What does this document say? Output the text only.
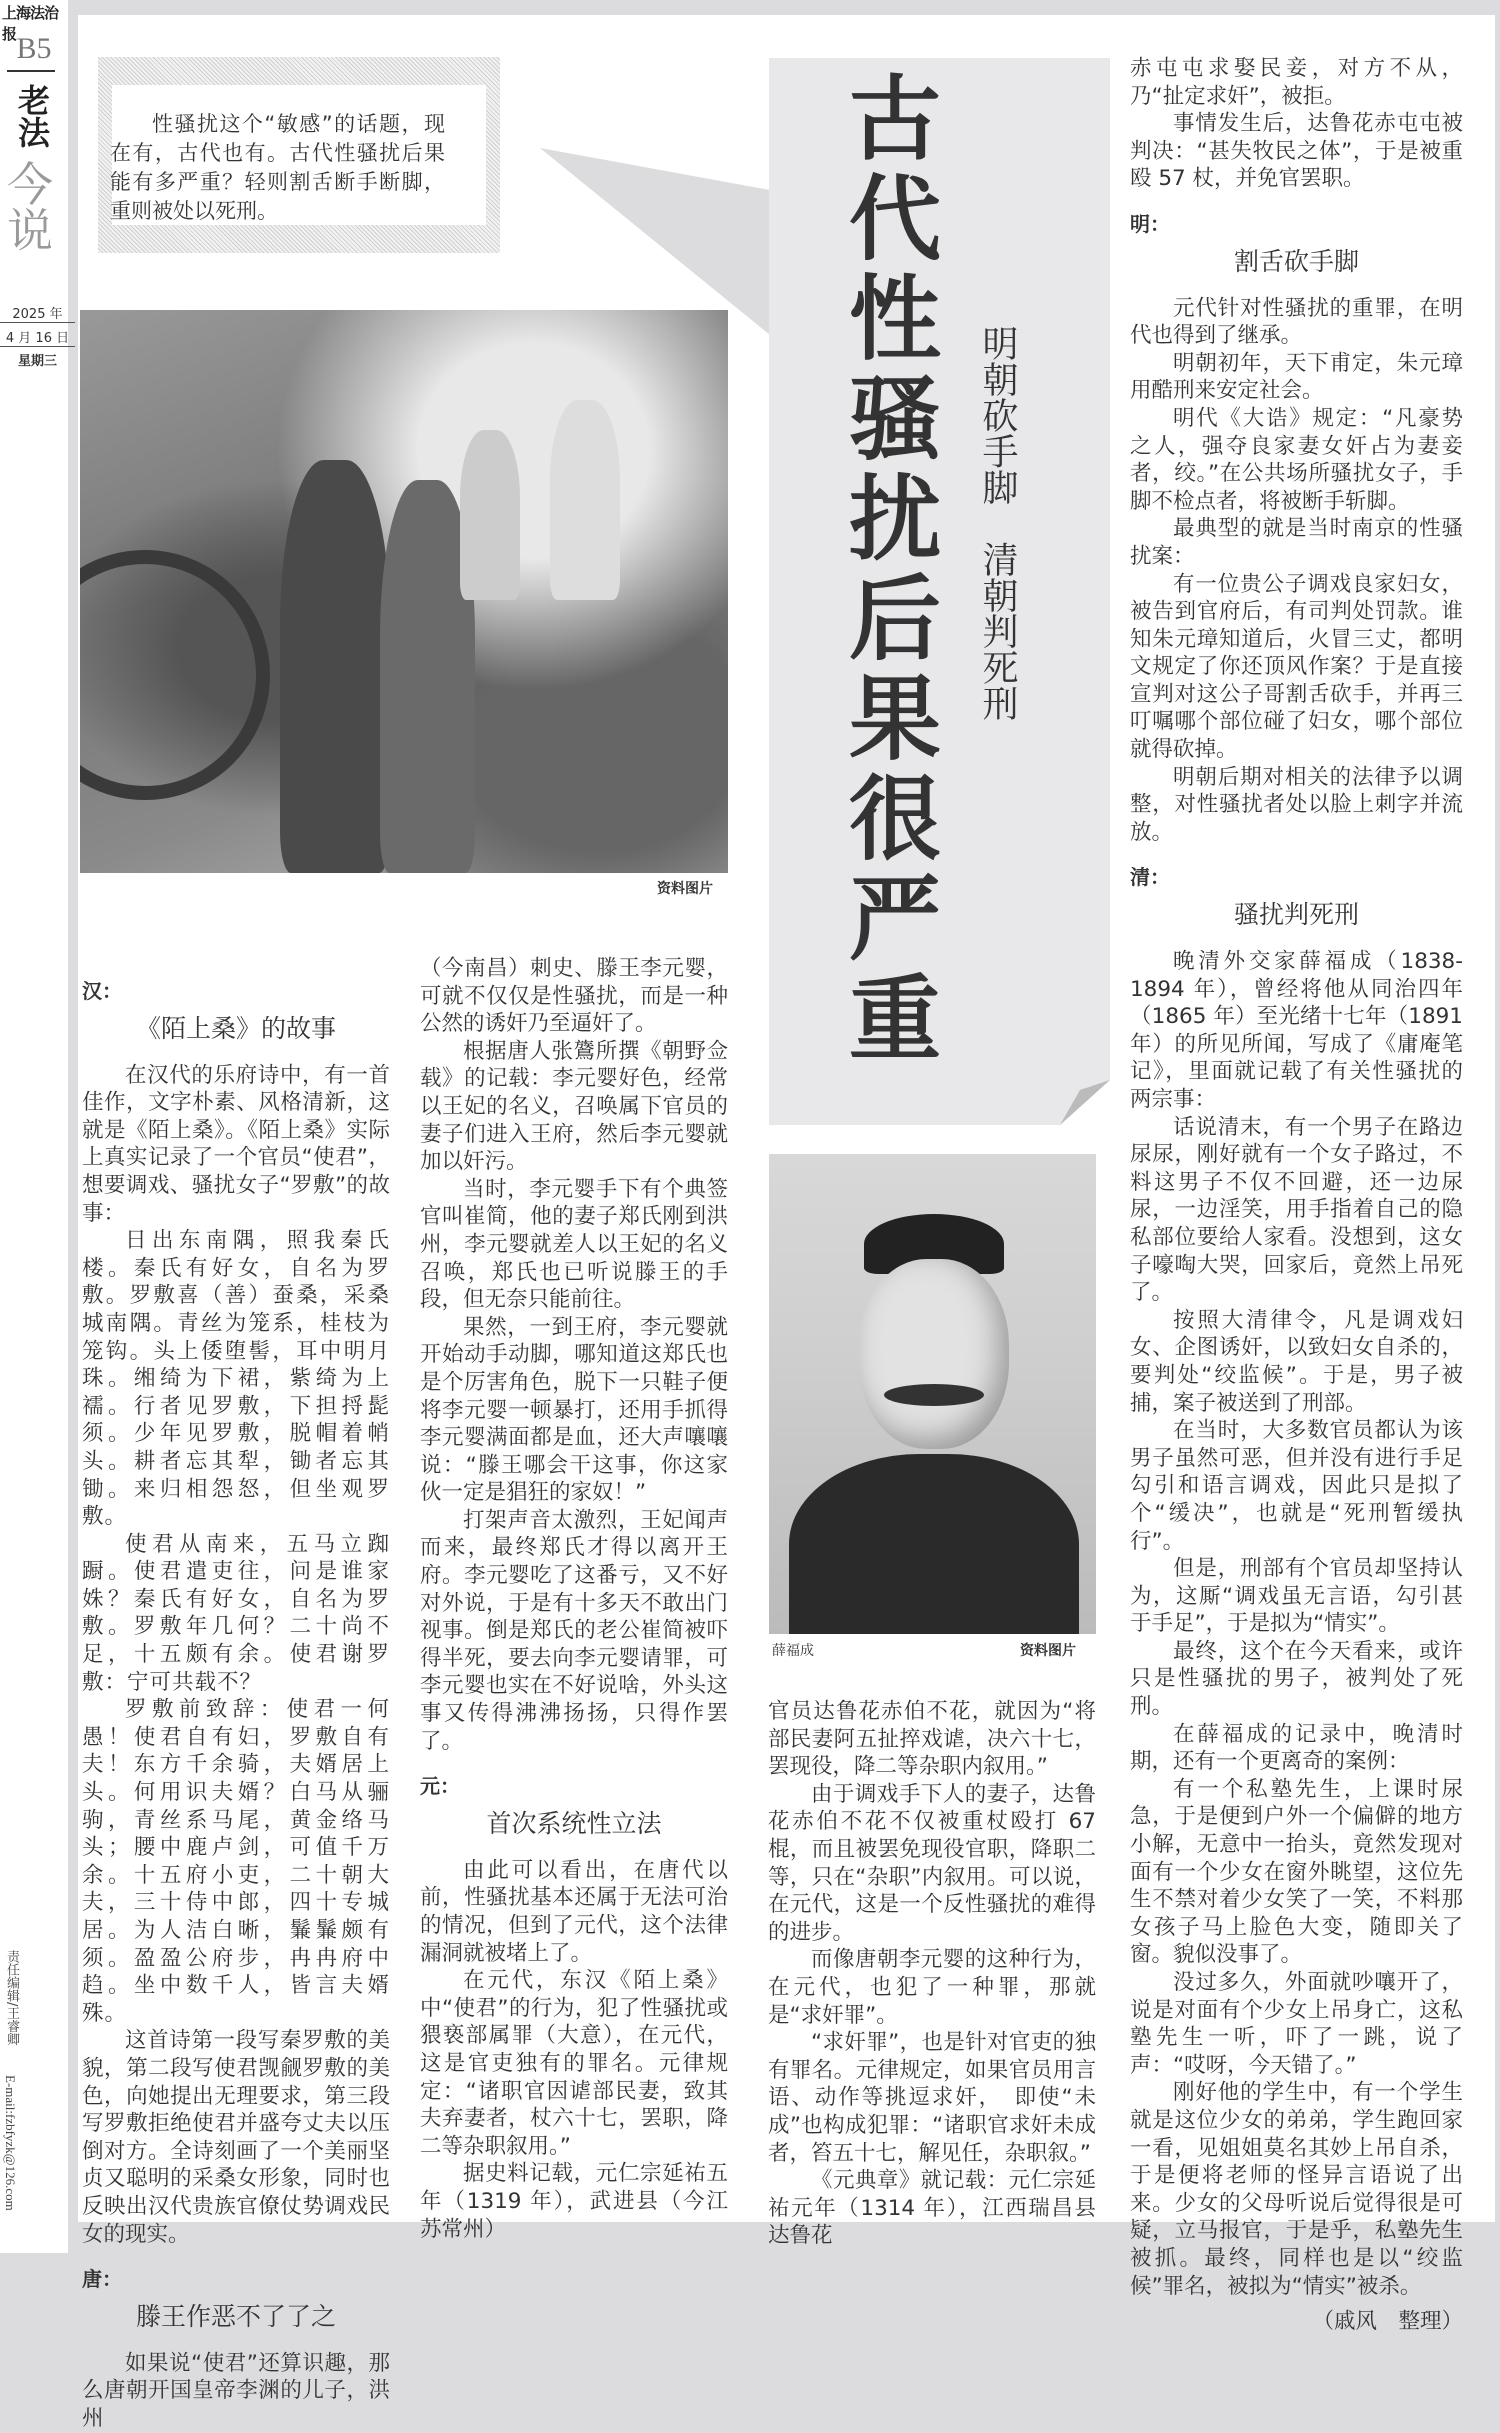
上海法治报 B5
老法
今说
2025 年
4 月 16 日
星期三
责任编辑/王睿卿
E-mail:fzbfyzk@126.com
性骚扰这个“敏感”的话题，现在有，古代也有。古代性骚扰后果能有多严重？轻则割舌断手断脚，重则被处以死刑。
资料图片 古代性骚扰后果很严重 明朝砍手脚　清朝判死刑
薛福成	资料图片
汉：
《陌上桑》的故事

在汉代的乐府诗中，有一首佳作，文字朴素、风格清新，这就是《陌上桑》。《陌上桑》实际上真实记录了一个官员“使君”，想要调戏、骚扰女子“罗敷”的故事：

日出东南隅，照我秦氏楼。秦氏有好女，自名为罗敷。罗敷喜（善）蚕桑，采桑城南隅。青丝为笼系，桂枝为笼钩。头上倭堕髻，耳中明月珠。缃绮为下裙，紫绮为上襦。行者见罗敷，下担捋髭须。少年见罗敷，脱帽着帩头。耕者忘其犁，锄者忘其锄。来归相怨怒，但坐观罗敷。

使君从南来，五马立踟蹰。使君遣吏往，问是谁家姝？秦氏有好女，自名为罗敷。罗敷年几何？二十尚不足，十五颇有余。使君谢罗敷：宁可共载不？

罗敷前致辞：使君一何愚！使君自有妇，罗敷自有夫！东方千余骑，夫婿居上头。何用识夫婿？白马从骊驹，青丝系马尾，黄金络马头；腰中鹿卢剑，可值千万余。十五府小吏，二十朝大夫，三十侍中郎，四十专城居。为人洁白晰，鬑鬑颇有须。盈盈公府步，冉冉府中趋。坐中数千人，皆言夫婿殊。

这首诗第一段写秦罗敷的美貌，第二段写使君觊觎罗敷的美色，向她提出无理要求，第三段写罗敷拒绝使君并盛夸丈夫以压倒对方。全诗刻画了一个美丽坚贞又聪明的采桑女形象，同时也反映出汉代贵族官僚仗势调戏民女的现实。

唐：
滕王作恶不了了之

如果说“使君”还算识趣，那么唐朝开国皇帝李渊的儿子，洪州

（今南昌）刺史、滕王李元婴，可就不仅仅是性骚扰，而是一种公然的诱奸乃至逼奸了。

根据唐人张鷟所撰《朝野佥载》的记载：李元婴好色，经常以王妃的名义，召唤属下官员的妻子们进入王府，然后李元婴就加以奸污。

当时，李元婴手下有个典签官叫崔简，他的妻子郑氏刚到洪州，李元婴就差人以王妃的名义召唤，郑氏也已听说滕王的手段，但无奈只能前往。

果然，一到王府，李元婴就开始动手动脚，哪知道这郑氏也是个厉害角色，脱下一只鞋子便将李元婴一顿暴打，还用手抓得李元婴满面都是血，还大声嚷嚷说：“滕王哪会干这事，你这家伙一定是猖狂的家奴！”

打架声音太激烈，王妃闻声而来，最终郑氏才得以离开王府。李元婴吃了这番亏，又不好对外说，于是有十多天不敢出门视事。倒是郑氏的老公崔简被吓得半死，要去向李元婴请罪，可李元婴也实在不好说啥，外头这事又传得沸沸扬扬，只得作罢了。

元：
首次系统性立法

由此可以看出，在唐代以前，性骚扰基本还属于无法可治的情况，但到了元代，这个法律漏洞就被堵上了。

在元代，东汉《陌上桑》中“使君”的行为，犯了性骚扰或猥亵部属罪（大意），在元代，这是官吏独有的罪名。元律规定：“诸职官因谑部民妻，致其夫弃妻者，杖六十七，罢职，降二等杂职叙用。”

据史料记载，元仁宗延祐五年（1319 年），武进县（今江苏常州）

官员达鲁花赤伯不花，就因为“将部民妻阿五扯捽戏谑，决六十七，罢现役，降二等杂职内叙用。”

由于调戏手下人的妻子，达鲁花赤伯不花不仅被重杖殴打 67 棍，而且被罢免现役官职，降职二等，只在“杂职”内叙用。可以说，在元代，这是一个反性骚扰的难得的进步。

而像唐朝李元婴的这种行为，在元代，也犯了一种罪，那就是“求奸罪”。

“求奸罪”，也是针对官吏的独有罪名。元律规定，如果官员用言语、动作等挑逗求奸，　即使“未成”也构成犯罪：“诸职官求奸未成者，笞五十七，解见任，杂职叙。”

《元典章》就记载：元仁宗延祐元年（1314 年），江西瑞昌县达鲁花

赤屯屯求娶民妾，对方不从，乃“扯定求奸”，被拒。

事情发生后，达鲁花赤屯屯被判决：“甚失牧民之体”，于是被重殴 57 杖，并免官罢职。

明：
割舌砍手脚

元代针对性骚扰的重罪，在明代也得到了继承。

明朝初年，天下甫定，朱元璋用酷刑来安定社会。

明代《大诰》规定：“凡豪势之人，强夺良家妻女奸占为妻妾者，绞。”在公共场所骚扰女子，手脚不检点者，将被断手斩脚。

最典型的就是当时南京的性骚扰案：

有一位贵公子调戏良家妇女，被告到官府后，有司判处罚款。谁知朱元璋知道后，火冒三丈，都明文规定了你还顶风作案？于是直接宣判对这公子哥割舌砍手，并再三叮嘱哪个部位碰了妇女，哪个部位就得砍掉。

明朝后期对相关的法律予以调整，对性骚扰者处以脸上刺字并流放。

清：
骚扰判死刑

晚清外交家薛福成（1838-1894 年），曾经将他从同治四年（1865 年）至光绪十七年（1891 年）的所见所闻，写成了《庸庵笔记》，里面就记载了有关性骚扰的两宗事：

话说清末，有一个男子在路边尿尿，刚好就有一个女子路过，不料这男子不仅不回避，还一边尿尿，一边淫笑，用手指着自己的隐私部位要给人家看。没想到，这女子嚎啕大哭，回家后，竟然上吊死了。

按照大清律令，凡是调戏妇女、企图诱奸，以致妇女自杀的，要判处“绞监候”。于是，男子被捕，案子被送到了刑部。

在当时，大多数官员都认为该男子虽然可恶，但并没有进行手足勾引和语言调戏，因此只是拟了个“缓决”，也就是“死刑暂缓执行”。

但是，刑部有个官员却坚持认为，这厮“调戏虽无言语，勾引甚于手足”，于是拟为“情实”。

最终，这个在今天看来，或许只是性骚扰的男子，被判处了死刑。

在薛福成的记录中，晚清时期，还有一个更离奇的案例：

有一个私塾先生，上课时尿急，于是便到户外一个偏僻的地方小解，无意中一抬头，竟然发现对面有一个少女在窗外眺望，这位先生不禁对着少女笑了一笑，不料那女孩子马上脸色大变，随即关了窗。貌似没事了。

没过多久，外面就吵嚷开了，说是对面有个少女上吊身亡，这私塾先生一听，吓了一跳，说了声：“哎呀，今天错了。”

刚好他的学生中，有一个学生就是这位少女的弟弟，学生跑回家一看，见姐姐莫名其妙上吊自杀，于是便将老师的怪异言语说了出来。少女的父母听说后觉得很是可疑，立马报官，于是乎，私塾先生被抓。最终，同样也是以“绞监候”罪名，被拟为“情实”被杀。

（戚风　整理）
